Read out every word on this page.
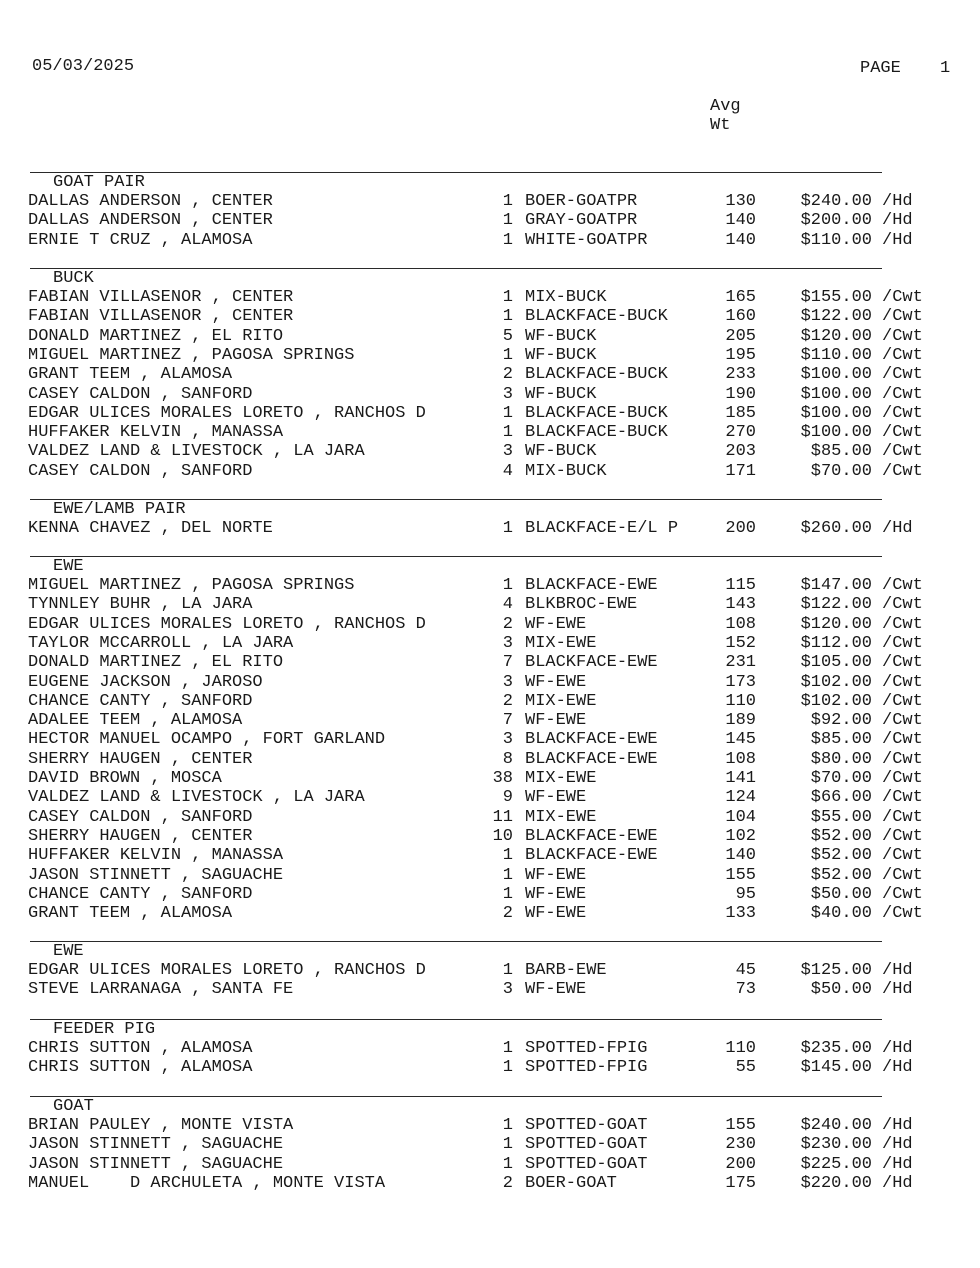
05/03/2025	PAGE 1
Avg
Wt
GOAT PAIR
DALLAS ANDERSON , CENTER	1 BOER-GOATPR	130	$240.00 /Hd
DALLAS ANDERSON , CENTER	1 GRAY-GOATPR	140	$200.00 /Hd
ERNIE T CRUZ , ALAMOSA	1 WHITE-GOATPR	140	$110.00 /Hd
BUCK
FABIAN VILLASENOR , CENTER	1 MIX-BUCK	165	$155.00 /Cwt
FABIAN VILLASENOR , CENTER	1 BLACKFACE-BUCK	160	$122.00 /Cwt
DONALD MARTINEZ , EL RITO	5 WF-BUCK	205	$120.00 /Cwt
MIGUEL MARTINEZ , PAGOSA SPRINGS	1 WF-BUCK	195	$110.00 /Cwt
GRANT TEEM , ALAMOSA	2 BLACKFACE-BUCK	233	$100.00 /Cwt
CASEY CALDON , SANFORD	3 WF-BUCK	190	$100.00 /Cwt
EDGAR ULICES MORALES LORETO , RANCHOS D	1 BLACKFACE-BUCK	185	$100.00 /Cwt
HUFFAKER KELVIN , MANASSA	1 BLACKFACE-BUCK	270	$100.00 /Cwt
VALDEZ LAND & LIVESTOCK , LA JARA	3 WF-BUCK	203	$85.00 /Cwt
CASEY CALDON , SANFORD	4 MIX-BUCK	171	$70.00 /Cwt
EWE/LAMB PAIR
KENNA CHAVEZ , DEL NORTE	1 BLACKFACE-E/L P	200	$260.00 /Hd
EWE
MIGUEL MARTINEZ , PAGOSA SPRINGS	1 BLACKFACE-EWE	115	$147.00 /Cwt
TYNNLEY BUHR , LA JARA	4 BLKBROC-EWE	143	$122.00 /Cwt
EDGAR ULICES MORALES LORETO , RANCHOS D	2 WF-EWE	108	$120.00 /Cwt
TAYLOR MCCARROLL , LA JARA	3 MIX-EWE	152	$112.00 /Cwt
DONALD MARTINEZ , EL RITO	7 BLACKFACE-EWE	231	$105.00 /Cwt
EUGENE JACKSON , JAROSO	3 WF-EWE	173	$102.00 /Cwt
CHANCE CANTY , SANFORD	2 MIX-EWE	110	$102.00 /Cwt
ADALEE TEEM , ALAMOSA	7 WF-EWE	189	$92.00 /Cwt
HECTOR MANUEL OCAMPO , FORT GARLAND	3 BLACKFACE-EWE	145	$85.00 /Cwt
SHERRY HAUGEN , CENTER	8 BLACKFACE-EWE	108	$80.00 /Cwt
DAVID BROWN , MOSCA	38 MIX-EWE	141	$70.00 /Cwt
VALDEZ LAND & LIVESTOCK , LA JARA	9 WF-EWE	124	$66.00 /Cwt
CASEY CALDON , SANFORD	11 MIX-EWE	104	$55.00 /Cwt
SHERRY HAUGEN , CENTER	10 BLACKFACE-EWE	102	$52.00 /Cwt
HUFFAKER KELVIN , MANASSA	1 BLACKFACE-EWE	140	$52.00 /Cwt
JASON STINNETT , SAGUACHE	1 WF-EWE	155	$52.00 /Cwt
CHANCE CANTY , SANFORD	1 WF-EWE	95	$50.00 /Cwt
GRANT TEEM , ALAMOSA	2 WF-EWE	133	$40.00 /Cwt
EWE
EDGAR ULICES MORALES LORETO , RANCHOS D	1 BARB-EWE	45	$125.00 /Hd
STEVE LARRANAGA , SANTA FE	3 WF-EWE	73	$50.00 /Hd
FEEDER PIG
CHRIS SUTTON , ALAMOSA	1 SPOTTED-FPIG	110	$235.00 /Hd
CHRIS SUTTON , ALAMOSA	1 SPOTTED-FPIG	55	$145.00 /Hd
GOAT
BRIAN PAULEY , MONTE VISTA	1 SPOTTED-GOAT	155	$240.00 /Hd
JASON STINNETT , SAGUACHE	1 SPOTTED-GOAT	230	$230.00 /Hd
JASON STINNETT , SAGUACHE	1 SPOTTED-GOAT	200	$225.00 /Hd
MANUEL    D ARCHULETA , MONTE VISTA	2 BOER-GOAT	175	$220.00 /Hd
